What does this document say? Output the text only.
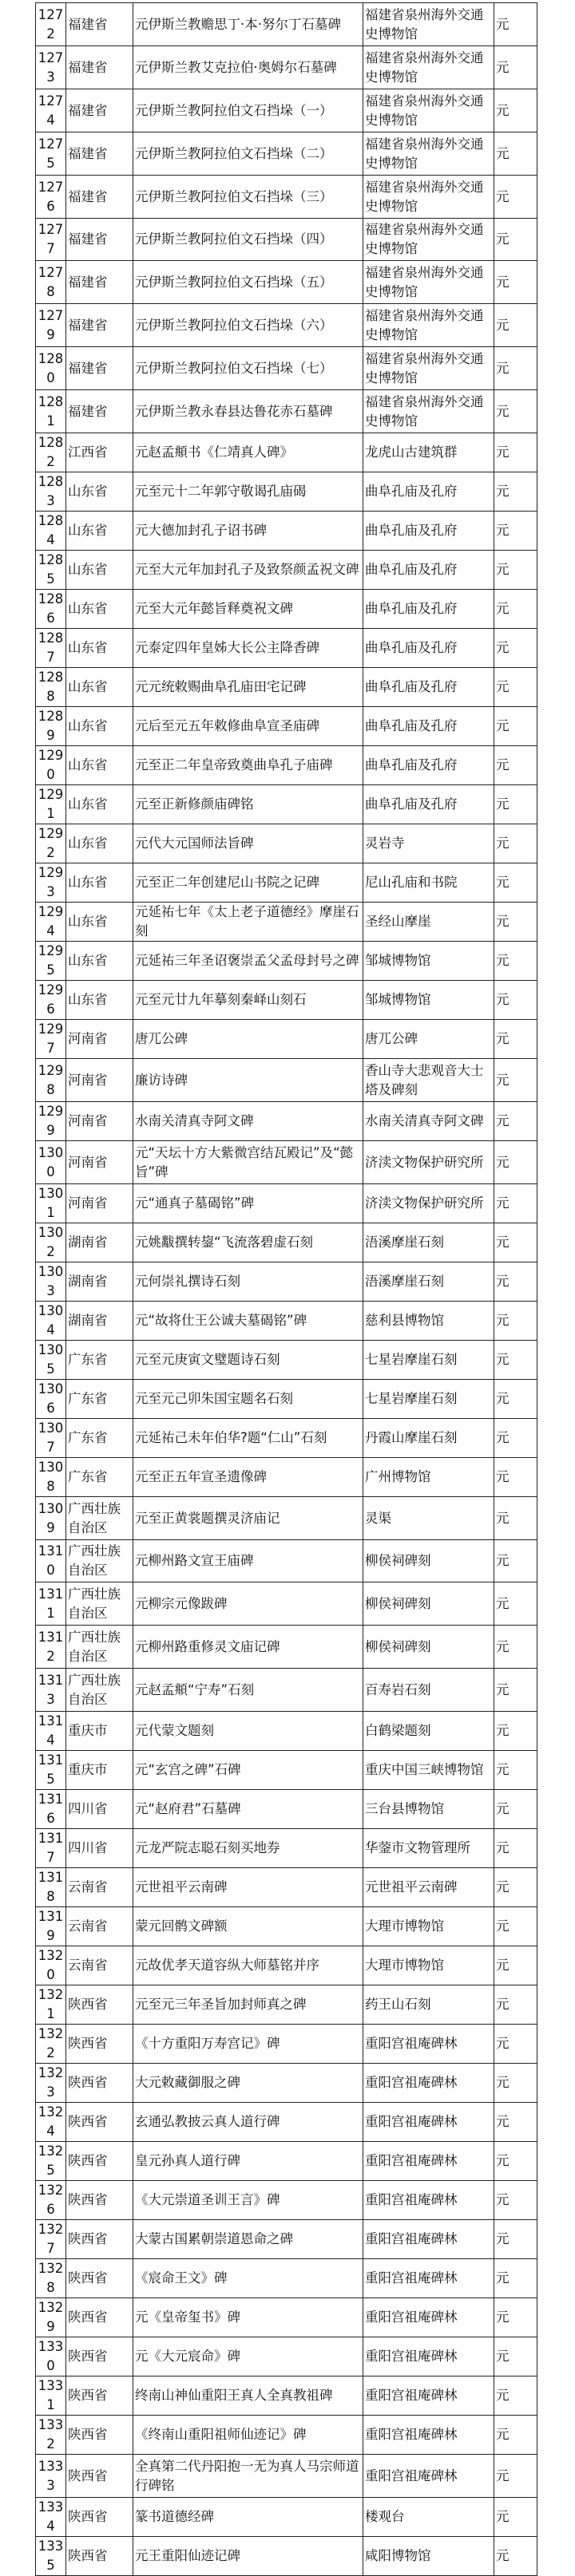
1272	福建省	元伊斯兰教赡思丁·本·努尔丁石墓碑	福建省泉州海外交通史博物馆	元
1273	福建省	元伊斯兰教艾克拉伯·奥姆尔石墓碑	福建省泉州海外交通史博物馆	元
1274	福建省	元伊斯兰教阿拉伯文石挡垛（一）	福建省泉州海外交通史博物馆	元
1275	福建省	元伊斯兰教阿拉伯文石挡垛（二）	福建省泉州海外交通史博物馆	元
1276	福建省	元伊斯兰教阿拉伯文石挡垛（三）	福建省泉州海外交通史博物馆	元
1277	福建省	元伊斯兰教阿拉伯文石挡垛（四）	福建省泉州海外交通史博物馆	元
1278	福建省	元伊斯兰教阿拉伯文石挡垛（五）	福建省泉州海外交通史博物馆	元
1279	福建省	元伊斯兰教阿拉伯文石挡垛（六）	福建省泉州海外交通史博物馆	元
1280	福建省	元伊斯兰教阿拉伯文石挡垛（七）	福建省泉州海外交通史博物馆	元
1281	福建省	元伊斯兰教永春县达鲁花赤石墓碑	福建省泉州海外交通史博物馆	元
1282	江西省	元赵孟頫书《仁靖真人碑》	龙虎山古建筑群	元
1283	山东省	元至元十二年郭守敬谒孔庙碣	曲阜孔庙及孔府	元
1284	山东省	元大德加封孔子诏书碑	曲阜孔庙及孔府	元
1285	山东省	元至大元年加封孔子及致祭颜孟祝文碑	曲阜孔庙及孔府	元
1286	山东省	元至大元年懿旨释奠祝文碑	曲阜孔庙及孔府	元
1287	山东省	元泰定四年皇姊大长公主降香碑	曲阜孔庙及孔府	元
1288	山东省	元元统敕赐曲阜孔庙田宅记碑	曲阜孔庙及孔府	元
1289	山东省	元后至元五年敕修曲阜宣圣庙碑	曲阜孔庙及孔府	元
1290	山东省	元至正二年皇帝致奠曲阜孔子庙碑	曲阜孔庙及孔府	元
1291	山东省	元至正新修颜庙碑铭	曲阜孔庙及孔府	元
1292	山东省	元代大元国师法旨碑	灵岩寺	元
1293	山东省	元至正二年创建尼山书院之记碑	尼山孔庙和书院	元
1294	山东省	元延祐七年《太上老子道德经》摩崖石刻	圣经山摩崖	元
1295	山东省	元延祐三年圣诏褒崇孟父孟母封号之碑	邹城博物馆	元
1296	山东省	元至元廿九年摹刻秦峄山刻石	邹城博物馆	元
1297	河南省	唐兀公碑	唐兀公碑	元
1298	河南省	廉访诗碑	香山寺大悲观音大士塔及碑刻	元
1299	河南省	水南关清真寺阿文碑	水南关清真寺阿文碑	元
1300	河南省	元“天坛十方大紫微宫结瓦殿记”及“懿旨”碑	济渎文物保护研究所	元
1301	河南省	元“通真子墓碣铭”碑	济渎文物保护研究所	元
1302	湖南省	元姚黻撰转鋆“飞流落碧虚石刻	浯溪摩崖石刻	元
1303	湖南省	元何崇礼撰诗石刻	浯溪摩崖石刻	元
1304	湖南省	元“故将仕王公诚夫墓碣铭”碑	慈利县博物馆	元
1305	广东省	元至元庚寅文璧题诗石刻	七星岩摩崖石刻	元
1306	广东省	元至元己卯朱国宝题名石刻	七星岩摩崖石刻	元
1307	广东省	元延祐己未年伯华?题“仁山”石刻	丹霞山摩崖石刻	元
1308	广东省	元至正五年宣圣遗像碑	广州博物馆	元
1309	广西壮族自治区	元至正黄裳题撰灵济庙记	灵渠	元
1310	广西壮族自治区	元柳州路文宣王庙碑	柳侯祠碑刻	元
1311	广西壮族自治区	元柳宗元像跋碑	柳侯祠碑刻	元
1312	广西壮族自治区	元柳州路重修灵文庙记碑	柳侯祠碑刻	元
1313	广西壮族自治区	元赵孟頫“宁寿”石刻	百寿岩石刻	元
1314	重庆市	元代蒙文题刻	白鹤梁题刻	元
1315	重庆市	元“玄宫之碑”石碑	重庆中国三峡博物馆	元
1316	四川省	元“赵府君”石墓碑	三台县博物馆	元
1317	四川省	元龙严院志聪石刻买地券	华蓥市文物管理所	元
1318	云南省	元世祖平云南碑	元世祖平云南碑	元
1319	云南省	蒙元回鹘文碑额	大理市博物馆	元
1320	云南省	元故优孝天道容纵大师墓铭并序	大理市博物馆	元
1321	陕西省	元至元三年圣旨加封师真之碑	药王山石刻	元
1322	陕西省	《十方重阳万寿宫记》碑	重阳宫祖庵碑林	元
1323	陕西省	大元敕藏御服之碑	重阳宫祖庵碑林	元
1324	陕西省	玄通弘教披云真人道行碑	重阳宫祖庵碑林	元
1325	陕西省	皇元孙真人道行碑	重阳宫祖庵碑林	元
1326	陕西省	《大元崇道圣训王言》碑	重阳宫祖庵碑林	元
1327	陕西省	大蒙古国累朝崇道恩命之碑	重阳宫祖庵碑林	元
1328	陕西省	《宸命王文》碑	重阳宫祖庵碑林	元
1329	陕西省	元《皇帝玺书》碑	重阳宫祖庵碑林	元
1330	陕西省	元《大元宸命》碑	重阳宫祖庵碑林	元
1331	陕西省	终南山神仙重阳王真人全真教祖碑	重阳宫祖庵碑林	元
1332	陕西省	《终南山重阳祖师仙迹记》碑	重阳宫祖庵碑林	元
1333	陕西省	全真第二代丹阳抱一无为真人马宗师道行碑铭	重阳宫祖庵碑林	元
1334	陕西省	篆书道德经碑	楼观台	元
1335	陕西省	元王重阳仙迹记碑	咸阳博物馆	元
